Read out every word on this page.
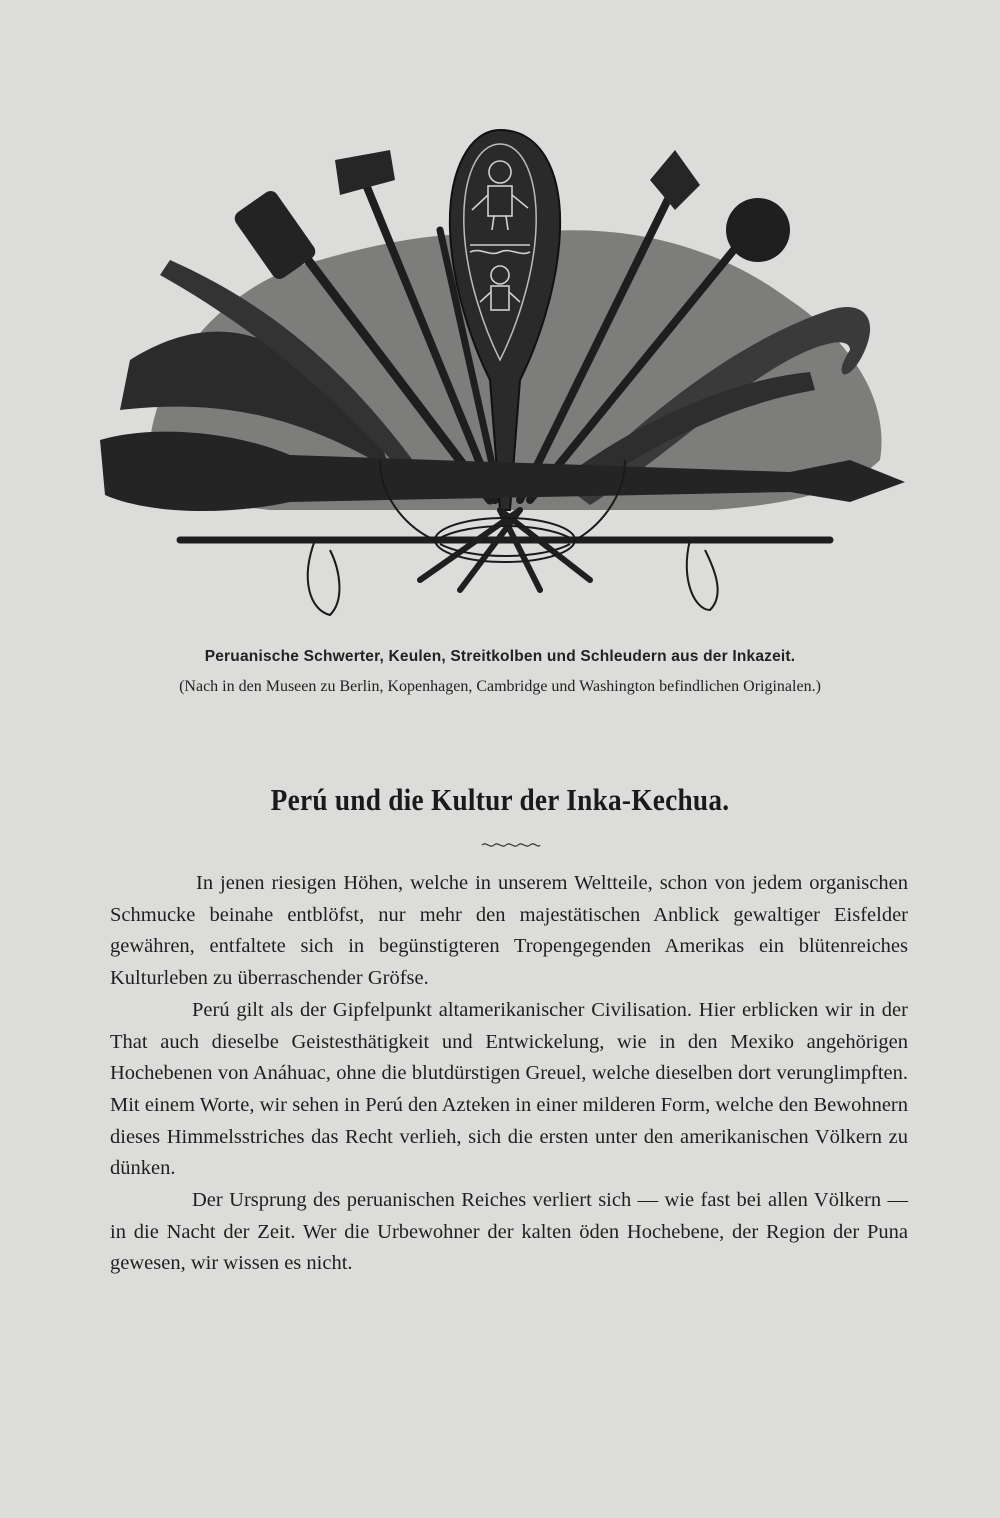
Peruanische Schwerter, Keulen, Streitkolben und Schleudern aus der Inkazeit.
(Nach in den Museen zu Berlin, Kopenhagen, Cambridge und Washington befindlichen Originalen.)
Perú und die Kultur der Inka-Kechua.

In jenen riesigen Höhen, welche in unserem Weltteile, schon von jedem organischen Schmucke beinahe entblöfst, nur mehr den majestätischen Anblick gewaltiger Eisfelder gewähren, entfaltete sich in begünstigteren Tropengegenden Amerikas ein blütenreiches Kulturleben zu überraschender Gröfse.

Perú gilt als der Gipfelpunkt altamerikanischer Civilisation. Hier erblicken wir in der That auch dieselbe Geistesthätigkeit und Entwickelung, wie in den Mexiko angehörigen Hochebenen von Anáhuac, ohne die blutdürstigen Greuel, welche dieselben dort verunglimpften. Mit einem Worte, wir sehen in Perú den Azteken in einer milderen Form, welche den Bewohnern dieses Himmelsstriches das Recht verlieh, sich die ersten unter den amerikanischen Völkern zu dünken.

Der Ursprung des peruanischen Reiches verliert sich — wie fast bei allen Völkern — in die Nacht der Zeit. Wer die Urbewohner der kalten öden Hochebene, der Region der Puna gewesen, wir wissen es nicht.
